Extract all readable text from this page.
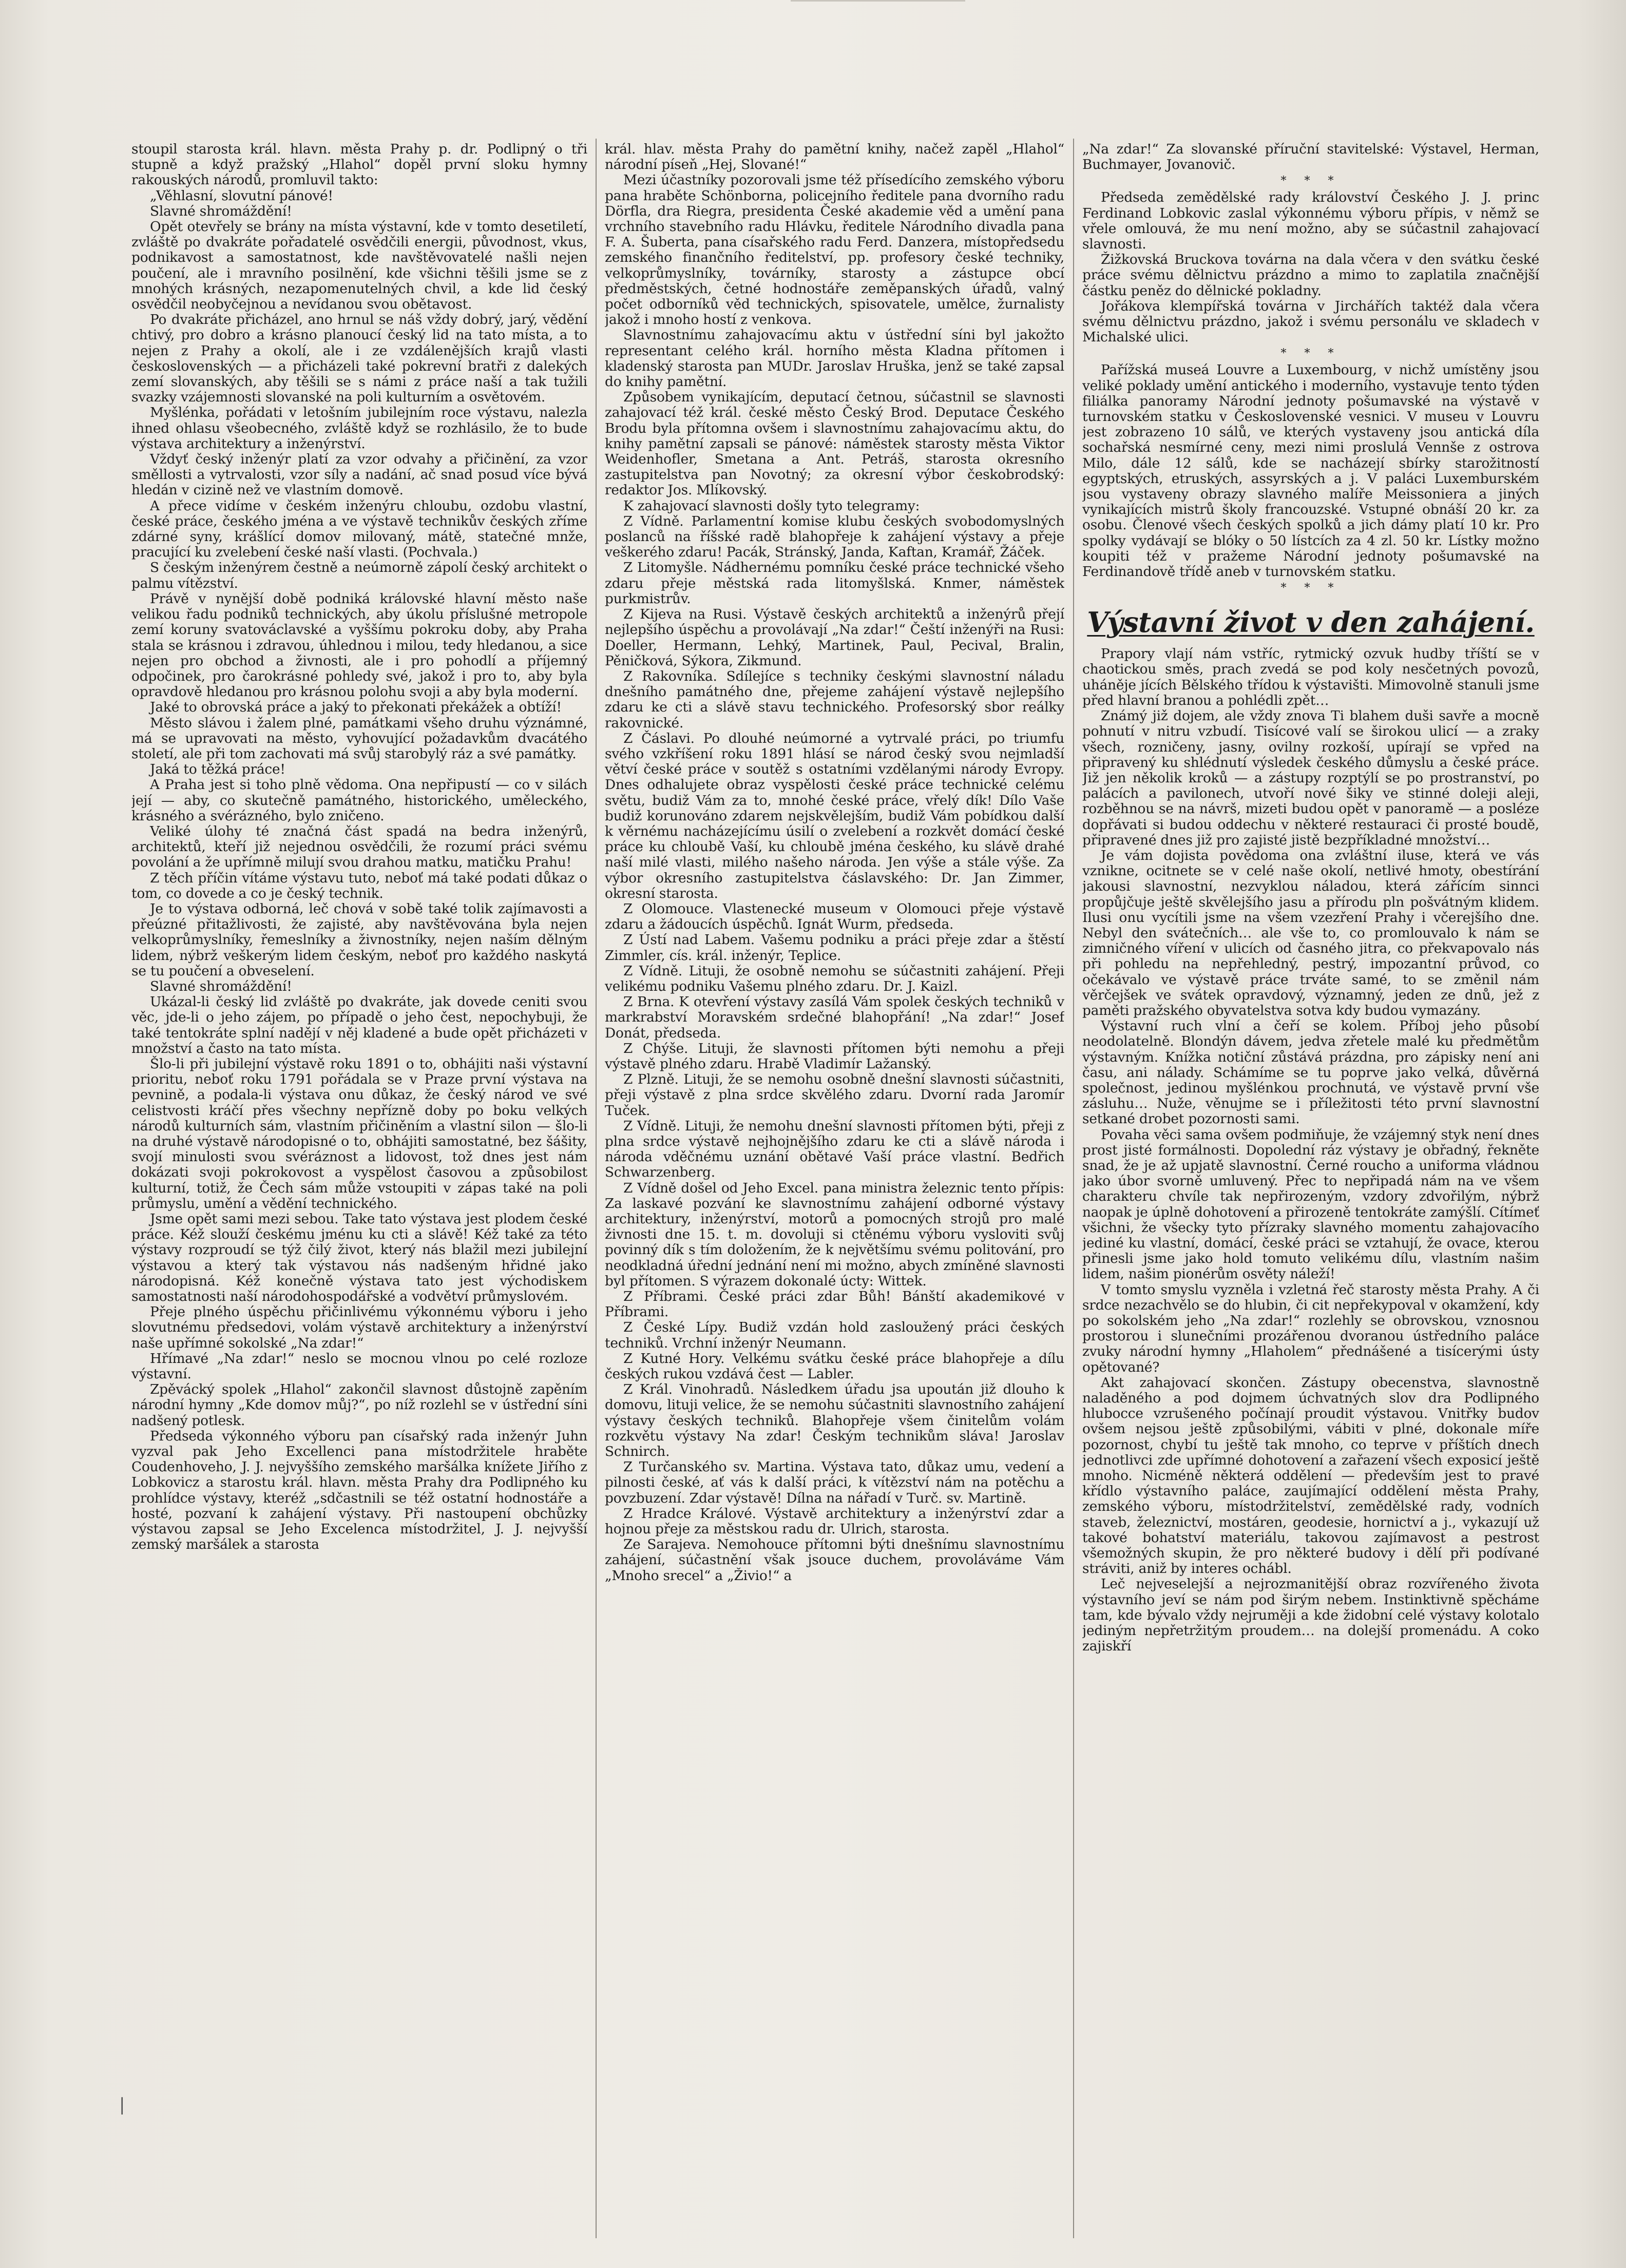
stoupil starosta král. hlavn. města Prahy p. dr. Podlipný o tři stupně a když pražský „Hlahol“ dopěl první sloku hymny rakouských národů, promluvil takto:

„Věhlasní, slovutní pánové!

Slavné shromáždění!

Opět otevřely se brány na místa výstavní, kde v tomto desetiletí, zvláště po dvakráte pořadatelé osvědčili energii, původnost, vkus, podnikavost a samostatnost, kde navštěvovatelé našli nejen poučení, ale i mravního posilnění, kde všichni těšili jsme se z mnohých krásných, nezapomenutelných chvil, a kde lid český osvědčil neobyčejnou a nevídanou svou obětavost.

Po dvakráte přicházel, ano hrnul se náš vždy dobrý, jarý, vědění chtivý, pro dobro a krásno planoucí český lid na tato místa, a to nejen z Prahy a okolí, ale i ze vzdálenějších krajů vlasti československých — a přicházeli také pokrevní bratři z dalekých zemí slovanských, aby těšili se s námi z práce naší a tak tužili svazky vzájemnosti slovanské na poli kulturním a osvětovém.

Myšlénka, pořádati v letošním jubilejním roce výstavu, nalezla ihned ohlasu všeobecného, zvláště když se rozhlásilo, že to bude výstava architektury a inženýrství.

Vždyť český inženýr platí za vzor odvahy a přičinění, za vzor směllosti a vytrvalosti, vzor síly a nadání, ač snad posud více bývá hledán v cizině než ve vlastním domově.

A přece vidíme v českém inženýru chloubu, ozdobu vlastní, české práce, českého jména a ve výstavě technikův českých zříme zdárné syny, krášlící domov milovaný, mátě, statečné mnže, pracující ku zvelebení české naší vlasti. (Pochvala.)

S českým inženýrem čestně a neúmorně zápolí český architekt o palmu vítězství.

Právě v nynější době podniká královské hlavní město naše velikou řadu podniků technických, aby úkolu příslušné metropole zemí koruny svatováclavské a vyššímu pokroku doby, aby Praha stala se krásnou i zdravou, úhlednou i milou, tedy hledanou, a sice nejen pro obchod a živnosti, ale i pro pohodlí a příjemný odpočinek, pro čarokrásné pohledy své, jakož i pro to, aby byla opravdově hledanou pro krásnou polohu svoji a aby byla moderní.

Jaké to obrovská práce a jaký to překonati překážek a obtíží!

Město slávou i žalem plné, památkami všeho druhu význámné, má se upravovati na město, vyhovující požadavkům dvacátého století, ale při tom zachovati má svůj starobylý ráz a své památky.

Jaká to těžká práce!

A Praha jest si toho plně vědoma. Ona nepřipustí — co v silách její — aby, co skutečně památného, historického, uměleckého, krásného a svérázného, bylo zničeno.

Veliké úlohy té značná část spadá na bedra inženýrů, architektů, kteří již nejednou osvědčili, že rozumí práci svému povolání a že upřímně milují svou drahou matku, matičku Prahu!

Z těch příčin vítáme výstavu tuto, neboť má také podati důkaz o tom, co dovede a co je český technik.

Je to výstava odborná, leč chová v sobě také tolik zajímavosti a přeúzné přitažlivosti, že zajisté, aby navštěvována byla nejen velkoprůmyslníky, řemeslníky a živnostníky, nejen naším dělným lidem, nýbrž veškerým lidem českým, neboť pro každého naskytá se tu poučení a obveselení.

Slavné shromáždění!

Ukázal-li český lid zvláště po dvakráte, jak dovede ceniti svou věc, jde-li o jeho zájem, po případě o jeho čest, nepochybuji, že také tentokráte splní nadějí v něj kladené a bude opět přicházeti v množství a často na tato místa.

Šlo-li při jubilejní výstavě roku 1891 o to, obhájiti naši výstavní prioritu, neboť roku 1791 pořádala se v Praze první výstava na pevnině, a podala-li výstava onu důkaz, že český národ ve své celistvosti kráčí přes všechny nepřízně doby po boku velkých národů kulturních sám, vlastním přičiněním a vlastní silon — šlo-li na druhé výstavě národopisné o to, obhájiti samostatné, bez šášity, svojí minulosti svou svéráznost a lidovost, tož dnes jest nám dokázati svoji pokrokovost a vyspělost časovou a způsobilost kulturní, totiž, že Čech sám může vstoupiti v zápas také na poli průmyslu, umění a vědění technického.

Jsme opět sami mezi sebou. Take tato výstava jest plodem české práce. Kéž slouží českému jménu ku cti a slávě! Kéž také za této výstavy rozproudí se týž čilý život, který nás blažil mezi jubilejní výstavou a který tak výstavou nás nadšeným hřidné jako národopisná. Kéž konečně výstava tato jest východiskem samostatnosti naší národohospodářské a vodvětví průmyslovém.

Přeje plného úspěchu přičinlivému výkonnému výboru i jeho slovutnému předsedovi, volám výstavě architektury a inženýrství naše upřímné sokolské „Na zdar!“

Hřímavé „Na zdar!“ neslo se mocnou vlnou po celé rozloze výstavní.

Zpěvácký spolek „Hlahol“ zakončil slavnost důstojně zapěním národní hymny „Kde domov můj?“, po níž rozlehl se v ústřední síni nadšený potlesk.

Předseda výkonného výboru pan císařský rada inženýr Juhn vyzval pak Jeho Excellenci pana místodržitele hraběte Coudenhoveho, J. J. nejvyššího zemského maršálka knížete Jiřího z Lobkovicz a starostu král. hlavn. města Prahy dra Podlipného ku prohlídce výstavy, kteréž „sdčastnili se též ostatní hodnostáře a hosté, pozvaní k zahájení výstavy. Při nastoupení obchůzky výstavou zapsal se Jeho Excelenca místodržitel, J. J. nejvyšší zemský maršálek a starosta

král. hlav. města Prahy do pamětní knihy, načež zapěl „Hlahol“ národní píseň „Hej, Slované!“

Mezi účastníky pozorovali jsme též přísedícího zemského výboru pana hraběte Schönborna, policejního ředitele pana dvorního radu Dörfla, dra Riegra, presidenta České akademie věd a umění pana vrchního stavebního radu Hlávku, ředitele Národního divadla pana F. A. Šuberta, pana císařského radu Ferd. Danzera, místopředsedu zemského finančního ředitelství, pp. profesory české techniky, velkoprůmyslníky, továrníky, starosty a zástupce obcí předměstských, četné hodnostáře zeměpanských úřadů, valný počet odborníků věd technických, spisovatele, umělce, žurnalisty jakož i mnoho hostí z venkova.

Slavnostnímu zahajovacímu aktu v ústřední síni byl jakožto representant celého král. horního města Kladna přítomen i kladenský starosta pan MUDr. Jaroslav Hruška, jenž se také zapsal do knihy pamětní.

Způsobem vynikajícím, deputací četnou, súčastnil se slavnosti zahajovací též král. české město Český Brod. Deputace Českého Brodu byla přítomna ovšem i slavnostnímu zahajovacímu aktu, do knihy pamětní zapsali se pánové: náměstek starosty města Viktor Weidenhofler, Smetana a Ant. Petráš, starosta okresního zastupitelstva pan Novotný; za okresní výbor českobrodský: redaktor Jos. Mlíkovský.

K zahajovací slavnosti došly tyto telegramy:

Z Vídně. Parlamentní komise klubu českých svobodomyslných poslanců na říšské radě blahopřeje k zahájení výstavy a přeje veškerého zdaru! Pacák, Stránský, Janda, Kaftan, Kramář, Žáček.

Z Litomyšle. Nádhernému pomníku české práce technické všeho zdaru přeje městská rada litomyšlská. Knmer, náměstek purkmistrův.

Z Kijeva na Rusi. Výstavě českých architektů a inženýrů přejí nejlepšího úspěchu a provolávají „Na zdar!“ Čeští inženýři na Rusi: Doeller, Hermann, Lehký, Martinek, Paul, Pecival, Bralin, Pěničková, Sýkora, Zikmund.

Z Rakovníka. Sdílejíce s techniky českými slavnostní náladu dnešního památného dne, přejeme zahájení výstavě nejlepšího zdaru ke cti a slávě stavu technického. Profesorský sbor reálky rakovnické.

Z Čáslavi. Po dlouhé neúmorné a vytrvalé práci, po triumfu svého vzkříšení roku 1891 hlásí se národ český svou nejmladší větví české práce v soutěž s ostatními vzdělanými národy Evropy. Dnes odhalujete obraz vyspělosti české práce technické celému světu, budiž Vám za to, mnohé české práce, vřelý dík! Dílo Vaše budiž korunováno zdarem nejskvělejším, budiž Vám pobídkou další k věrnému nacházejícímu úsilí o zvelebení a rozkvět domácí české práce ku chloubě Vaší, ku chloubě jména českého, ku slávě drahé naší milé vlasti, milého našeho národa. Jen výše a stále výše. Za výbor okresního zastupitelstva čáslavského: Dr. Jan Zimmer, okresní starosta.

Z Olomouce. Vlastenecké museum v Olomouci přeje výstavě zdaru a žádoucích úspěchů. Ignát Wurm, předseda.

Z Ústí nad Labem. Vašemu podniku a práci přeje zdar a štěstí Zimmler, cís. král. inženýr, Teplice.

Z Vídně. Lituji, že osobně nemohu se súčastniti zahájení. Přeji velikému podniku Vašemu plného zdaru. Dr. J. Kaizl.

Z Brna. K otevření výstavy zasílá Vám spolek českých techniků v markrabství Moravském srdečné blahopřání! „Na zdar!“ Josef Donát, předseda.

Z Chýše. Lituji, že slavnosti přítomen býti nemohu a přeji výstavě plného zdaru. Hrabě Vladimír Lažanský.

Z Plzně. Lituji, že se nemohu osobně dnešní slavnosti súčastniti, přeji výstavě z plna srdce skvělého zdaru. Dvorní rada Jaromír Tuček.

Z Vídně. Lituji, že nemohu dnešní slavnosti přítomen býti, přeji z plna srdce výstavě nejhojnějšího zdaru ke cti a slávě národa i národa vděčnému uznání obětavé Vaší práce vlastní. Bedřich Schwarzenberg.

Z Vídně došel od Jeho Excel. pana ministra železnic tento přípis: Za laskavé pozvání ke slavnostnímu zahájení odborné výstavy architektury, inženýrství, motorů a pomocných strojů pro malé živnosti dne 15. t. m. dovoluji si ctěnému výboru vysloviti svůj povinný dík s tím doložením, že k největšímu svému politování, pro neodkladná úřední jednání není mi možno, abych zmíněné slavnosti byl přítomen. S výrazem dokonalé úcty: Wittek.

Z Příbrami. České práci zdar Bůh! Bánští akademikové v Příbrami.

Z České Lípy. Budiž vzdán hold zasloužený práci českých techniků. Vrchní inženýr Neumann.

Z Kutné Hory. Velkému svátku české práce blahopřeje a dílu českých rukou vzdává čest — Labler.

Z Král. Vinohradů. Následkem úřadu jsa upoután již dlouho k domovu, lituji velice, že se nemohu súčastniti slavnostního zahájení výstavy českých techniků. Blahopřeje všem činitelům volám rozkvětu výstavy Na zdar! Českým technikům sláva! Jaroslav Schnirch.

Z Turčanského sv. Martina. Výstava tato, důkaz umu, vedení a pilnosti české, ať vás k další práci, k vítězství nám na potěchu a povzbuzení. Zdar výstavě! Dílna na nářadí v Turč. sv. Martině.

Z Hradce Králové. Výstavě architektury a inženýrství zdar a hojnou přeje za městskou radu dr. Ulrich, starosta.

Ze Sarajeva. Nemohouce přítomni býti dnešnímu slavnostnímu zahájení, súčastnění však jsouce duchem, provoláváme Vám „Mnoho srecel“ a „Živio!“ a

„Na zdar!“ Za slovanské příruční stavitelské: Výstavel, Herman, Buchmayer, Jovanovič.

* * *

Předseda zemědělské rady království Českého J. J. princ Ferdinand Lobkovic zaslal výkonnému výboru přípis, v němž se vřele omlouvá, že mu není možno, aby se súčastnil zahajovací slavnosti.

Žižkovská Bruckova továrna na dala včera v den svátku české práce svému dělnictvu prázdno a mimo to zaplatila značnější částku peněz do dělnické pokladny.

Jořákova klempířská továrna v Jirchářích taktéž dala včera svému dělnictvu prázdno, jakož i svému personálu ve skladech v Michalské ulici.

* * *

Pařížská museá Louvre a Luxembourg, v nichž umístěny jsou veliké poklady umění antického i moderního, vystavuje tento týden filiálka panoramy Národní jednoty pošumavské na výstavě v turnovském statku v Československé vesnici. V museu v Louvru jest zobrazeno 10 sálů, ve kterých vystaveny jsou antická díla sochařská nesmírné ceny, mezi nimi proslulá Vennše z ostrova Milo, dále 12 sálů, kde se nacházejí sbírky starožitností egyptských, etruských, assyrských a j. V paláci Luxemburském jsou vystaveny obrazy slavného malíře Meissoniera a jiných vynikajících mistrů školy francouzské. Vstupné obnáší 20 kr. za osobu. Členové všech českých spolků a jich dámy platí 10 kr. Pro spolky vydávají se blóky o 50 lístcích za 4 zl. 50 kr. Lístky možno koupiti též v pražeme Národní jednoty pošumavské na Ferdinandově třídě aneb v turnovském statku.

* * *
Výstavní život v den zahájení.

Prapory vlají nám vstříc, rytmický ozvuk hudby tříští se v chaotickou směs, prach zvedá se pod koly nesčetných povozů, uháněje jících Bělského třídou k výstavišti. Mimovolně stanuli jsme před hlavní branou a pohlédli zpět…

Známý již dojem, ale vždy znova Ti blahem duši savře a mocně pohnutí v nitru vzbudí. Tisícové valí se širokou ulicí — a zraky všech, rozničeny, jasny, ovilny rozkoší, upírají se vpřed na připravený ku shlédnutí výsledek českého důmyslu a české práce. Již jen několik kroků — a zástupy rozptýlí se po prostranství, po palácích a pavilonech, utvoří nové šiky ve stinné doleji aleji, rozběhnou se na návrš, mizeti budou opět v panoramě — a posléze dopřávati si budou oddechu v některé restauraci či prosté boudě, připravené dnes již pro zajisté jistě bezpříkladné množství…

Je vám dojista povědoma ona zvláštní iluse, která ve vás vznikne, ocitnete se v celé naše okolí, netlivé hmoty, obestírání jakousi slavnostní, nezvyklou náladou, která zářícím sinnci propůjčuje ještě skvělejšího jasu a přírodu pln pošvátným klidem. Ilusi onu vycítili jsme na všem vzezření Prahy i včerejšího dne. Nebyl den svátečních… ale vše to, co promlouvalo k nám se zimničného víření v ulicích od časného jitra, co překvapovalo nás při pohledu na nepřehledný, pestrý, impozantní průvod, co očekávalo ve výstavě práce trváte samé, to se změnil nám věrčejšek ve svátek opravdový, významný, jeden ze dnů, jež z paměti pražského obyvatelstva sotva kdy budou vymazány.

Výstavní ruch vlní a čeří se kolem. Příboj jeho působí neodolatelně. Blondýn dávem, jedva zřetele malé ku předmětům výstavným. Knížka notiční zůstává prázdna, pro zápisky není ani času, ani nálady. Schámíme se tu poprve jako velká, důvěrná společnost, jedinou myšlénkou prochnutá, ve výstavě první vše zásluhu… Nuže, věnujme se i příležitosti této první slavnostní setkané drobet pozornosti sami.

Povaha věci sama ovšem podmiňuje, že vzájemný styk není dnes prost jisté formálnosti. Dopolední ráz výstavy je obřadný, řekněte snad, že je až upjatě slavnostní. Černé roucho a uniforma vládnou jako úbor svorně umluvený. Přec to nepřipadá nám na ve všem charakteru chvíle tak nepřirozeným, vzdory zdvořilým, nýbrž naopak je úplně dohotovení a přirozeně tentokráte zamýšlí. Cítímeť všichni, že všecky tyto přízraky slavného momentu zahajovacího jediné ku vlastní, domácí, české práci se vztahují, že ovace, kterou přinesli jsme jako hold tomuto velikému dílu, vlastním našim lidem, našim pionérům osvěty náleží!

V tomto smyslu vyzněla i vzletná řeč starosty města Prahy. A či srdce nezachvělo se do hlubin, či cit nepřekypoval v okamžení, kdy po sokolském jeho „Na zdar!“ rozlehly se obrovskou, vznosnou prostorou i slunečními prozářenou dvoranou ústředního paláce zvuky národní hymny „Hlaholem“ přednášené a tisícerými ústy opětované?

Akt zahajovací skončen. Zástupy obecenstva, slavnostně naladěného a pod dojmem úchvatných slov dra Podlipného hlubocce vzrušeného počínají proudit výstavou. Vnitřky budov ovšem nejsou ještě způsobilými, vábiti v plné, dokonale míře pozornost, chybí tu ještě tak mnoho, co teprve v příštích dnech jednotlivci zde upřímné dohotovení a zařazení všech exposicí ještě mnoho. Nicméně některá oddělení — především jest to pravé křídlo výstavního paláce, zaujímající oddělení města Prahy, zemského výboru, místodržitelství, zemědělské rady, vodních staveb, železnictví, mostáren, geodesie, hornictví a j., vykazují už takové bohatství materiálu, takovou zajímavost a pestrost všemožných skupin, že pro některé budovy i dělí při podívané stráviti, aniž by interes ochábl.

Leč nejveselejší a nejrozmanitější obraz rozvířeného života výstavního jeví se nám pod širým nebem. Instinktivně spěcháme tam, kde bývalo vždy nejruměji a kde židobní celé výstavy kolotalo jediným nepřetržitým proudem… na dolejší promenádu. A coko zajiskří

|
